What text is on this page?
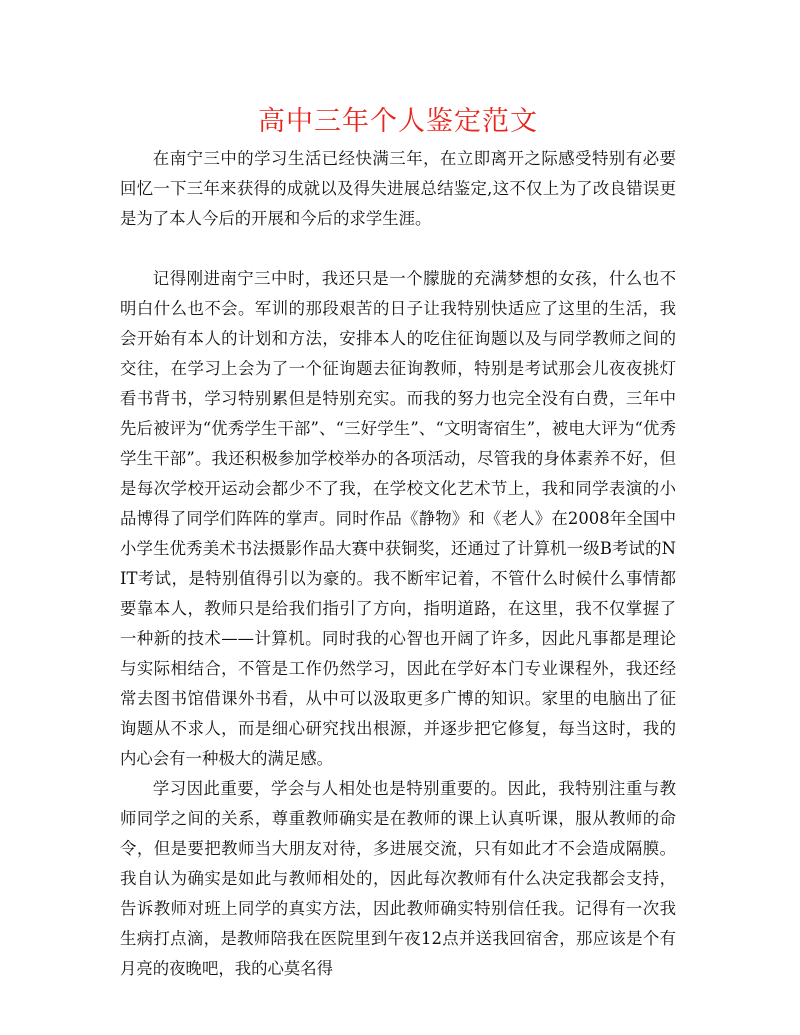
高中三年个人鉴定范文

在南宁三中的学习生活已经快满三年，在立即离开之际感受特别有必要回忆一下三年来获得的成就以及得失进展总结鉴定,这不仅上为了改良错误更是为了本人今后的开展和今后的求学生涯。

记得刚进南宁三中时，我还只是一个朦胧的充满梦想的女孩，什么也不明白什么也不会。军训的那段艰苦的日子让我特别快适应了这里的生活，我会开始有本人的计划和方法，安排本人的吃住征询题以及与同学教师之间的交往，在学习上会为了一个征询题去征询教师，特别是考试那会儿夜夜挑灯看书背书，学习特别累但是特别充实。而我的努力也完全没有白费，三年中先后被评为“优秀学生干部”、“三好学生”、“文明寄宿生”，被电大评为“优秀学生干部”。我还积极参加学校举办的各项活动，尽管我的身体素养不好，但是每次学校开运动会都少不了我，在学校文化艺术节上，我和同学表演的小品博得了同学们阵阵的掌声。同时作品《静物》和《老人》在2008年全国中小学生优秀美术书法摄影作品大赛中获铜奖，还通过了计算机一级B考试的NIT考试，是特别值得引以为豪的。我不断牢记着，不管什么时候什么事情都要靠本人，教师只是给我们指引了方向，指明道路，在这里，我不仅掌握了一种新的技术——计算机。同时我的心智也开阔了许多，因此凡事都是理论与实际相结合，不管是工作仍然学习，因此在学好本门专业课程外，我还经常去图书馆借课外书看，从中可以汲取更多广博的知识。家里的电脑出了征询题从不求人，而是细心研究找出根源，并逐步把它修复，每当这时，我的内心会有一种极大的满足感。

学习因此重要，学会与人相处也是特别重要的。因此，我特别注重与教师同学之间的关系，尊重教师确实是在教师的课上认真听课，服从教师的命令，但是要把教师当大朋友对待，多进展交流，只有如此才不会造成隔膜。我自认为确实是如此与教师相处的，因此每次教师有什么决定我都会支持，告诉教师对班上同学的真实方法，因此教师确实特别信任我。记得有一次我生病打点滴，是教师陪我在医院里到午夜12点并送我回宿舍，那应该是个有月亮的夜晚吧，我的心莫名得
